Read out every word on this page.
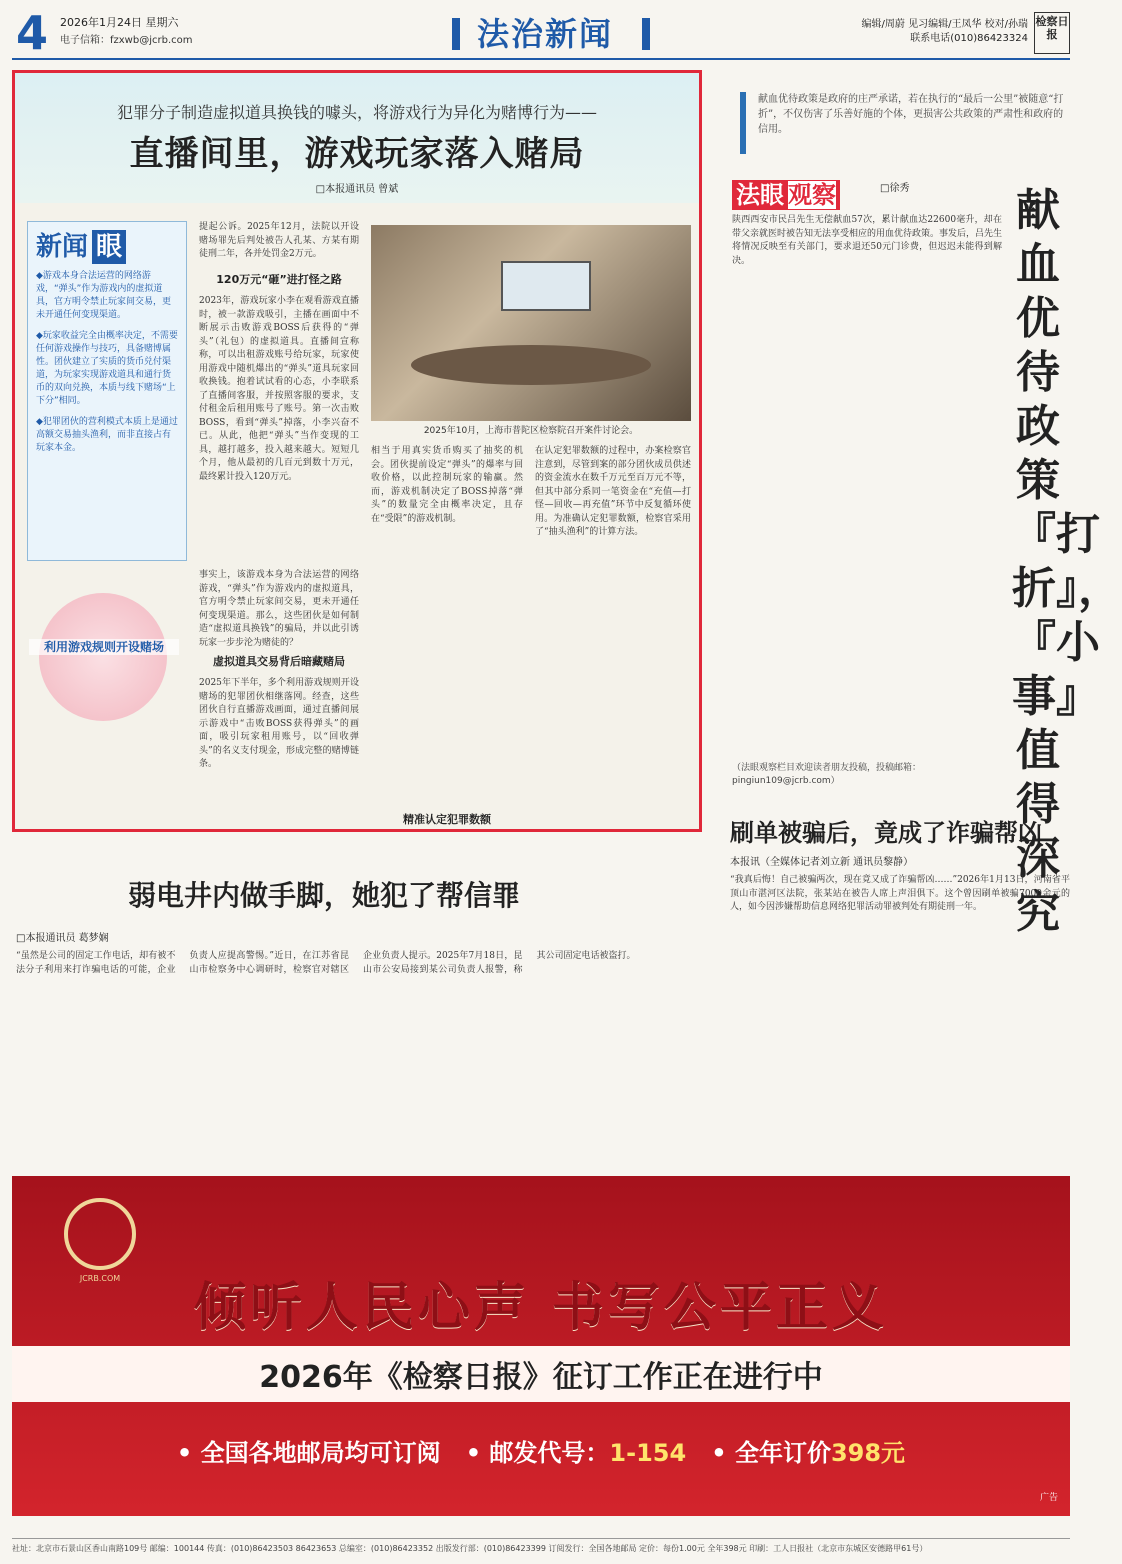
4 2026年1月24日 星期六
电子信箱：fzxwb@jcrb.com	法治新闻	编辑/周蔚 见习编辑/王凤华 校对/孙瑞
联系电话(010)86423324
检察日报
犯罪分子制造虚拟道具换钱的噱头，将游戏行为异化为赌博行为——
直播间里，游戏玩家落入赌局
□本报通讯员 曾斌
新闻 眼

◆游戏本身合法运营的网络游戏，“弹头”作为游戏内的虚拟道具，官方明令禁止玩家间交易，更未开通任何变现渠道。

◆玩家收益完全由概率决定，不需要任何游戏操作与技巧，具备赌博属性。团伙建立了实质的货币兑付渠道，为玩家实现游戏道具和通行货币的双向兑换，本质与线下赌场“上下分”相同。

◆犯罪团伙的营利模式本质上是通过高额交易抽头渔利，而非直接占有玩家本金。

利用游戏规则开设赌场

提起公诉。2025年12月，法院以开设赌场罪先后判处被告人孔某、方某有期徒刑二年，各并处罚金2万元。

120万元“砸”进打怪之路

2023年，游戏玩家小李在观看游戏直播时，被一款游戏吸引，主播在画面中不断展示击败游戏BOSS后获得的“弹头”（礼包）的虚拟道具。直播间宣称称，可以出租游戏账号给玩家，玩家使用游戏中随机爆出的“弹头”道具玩家回收换钱。抱着试试看的心态，小李联系了直播间客服，并按照客服的要求，支付租金后租用账号了账号。第一次击败BOSS，看到“弹头”掉落，小李兴奋不已。从此，他把“弹头”当作变现的工具，越打越多，投入越来越大。短短几个月，他从最初的几百元到数十万元，最终累计投入120万元。

事实上，该游戏本身为合法运营的网络游戏，“弹头”作为游戏内的虚拟道具，官方明令禁止玩家间交易，更未开通任何变现渠道。那么，这些团伙是如何制造“虚拟道具换钱”的骗局，并以此引诱玩家一步步沦为赌徒的？

虚拟道具交易背后暗藏赌局

2025年下半年，多个利用游戏规则开设赌场的犯罪团伙相继落网。经查，这些团伙自行直播游戏画面，通过直播间展示游戏中“击败BOSS获得弹头”的画面，吸引玩家租用账号，以“回收弹头”的名义支付现金，形成完整的赌博链条。

2025年10月，上海市普陀区检察院召开案件讨论会。

相当于用真实货币购买了抽奖的机会。团伙提前设定“弹头”的爆率与回收价格，以此控制玩家的输赢。然而，游戏机制决定了BOSS掉落“弹头”的数量完全由概率决定，且存在“受限”的游戏机制。

精准认定犯罪数额

在认定犯罪数额的过程中，办案检察官注意到，尽管到案的部分团伙成员供述的资金流水在数千万元至百万元不等，但其中部分系同一笔资金在“充值—打怪—回收—再充值”环节中反复循环使用。为准确认定犯罪数额，检察官采用了“抽头渔利”的计算方法。

献血优待政策是政府的庄严承诺，若在执行的“最后一公里”被随意“打折”，不仅伤害了乐善好施的个体，更损害公共政策的严肃性和政府的信用。
法眼 观察	□徐秀 献血优待政策『打折』，『小事』值得深究

陕西西安市民吕先生无偿献血57次，累计献血达22600毫升，却在带父亲就医时被告知无法享受相应的用血优待政策。事发后，吕先生将情况反映至有关部门，要求退还50元门诊费，但迟迟未能得到解决。

（法眼观察栏目欢迎读者朋友投稿，投稿邮箱：pingiun109@jcrb.com）
刷单被骗后，竟成了诈骗帮凶
本报讯（全媒体记者刘立新 通讯员黎静）

“我真后悔！自己被骗两次，现在竟又成了诈骗帮凶……”2026年1月13日，河南省平顶山市湛河区法院，张某站在被告人席上声泪俱下。这个曾因刷单被骗7000余元的人，如今因涉嫌帮助信息网络犯罪活动罪被判处有期徒刑一年。

弱电井内做手脚，她犯了帮信罪
□本报通讯员 葛梦娴

“虽然是公司的固定工作电话，却有被不法分子利用来打诈骗电话的可能，企业负责人应提高警惕。”近日，在江苏省昆山市检察务中心调研时，检察官对辖区企业负责人提示。2025年7月18日，昆山市公安局接到某公司负责人报警，称其公司固定电话被盗打。

JCRB.COM	倾听人民心声 书写公平正义
2026年《检察日报》征订工作正在进行中
• 全国各地邮局均可订阅 • 邮发代号：1-154 • 全年订价398元
广告
社址：北京市石景山区香山南路109号 邮编：100144 传真：(010)86423503 86423653 总编室：(010)86423352 出版发行部：(010)86423399 订阅发行：全国各地邮局 定价：每份1.00元 全年398元 印刷：工人日报社（北京市东城区安德路甲61号）
